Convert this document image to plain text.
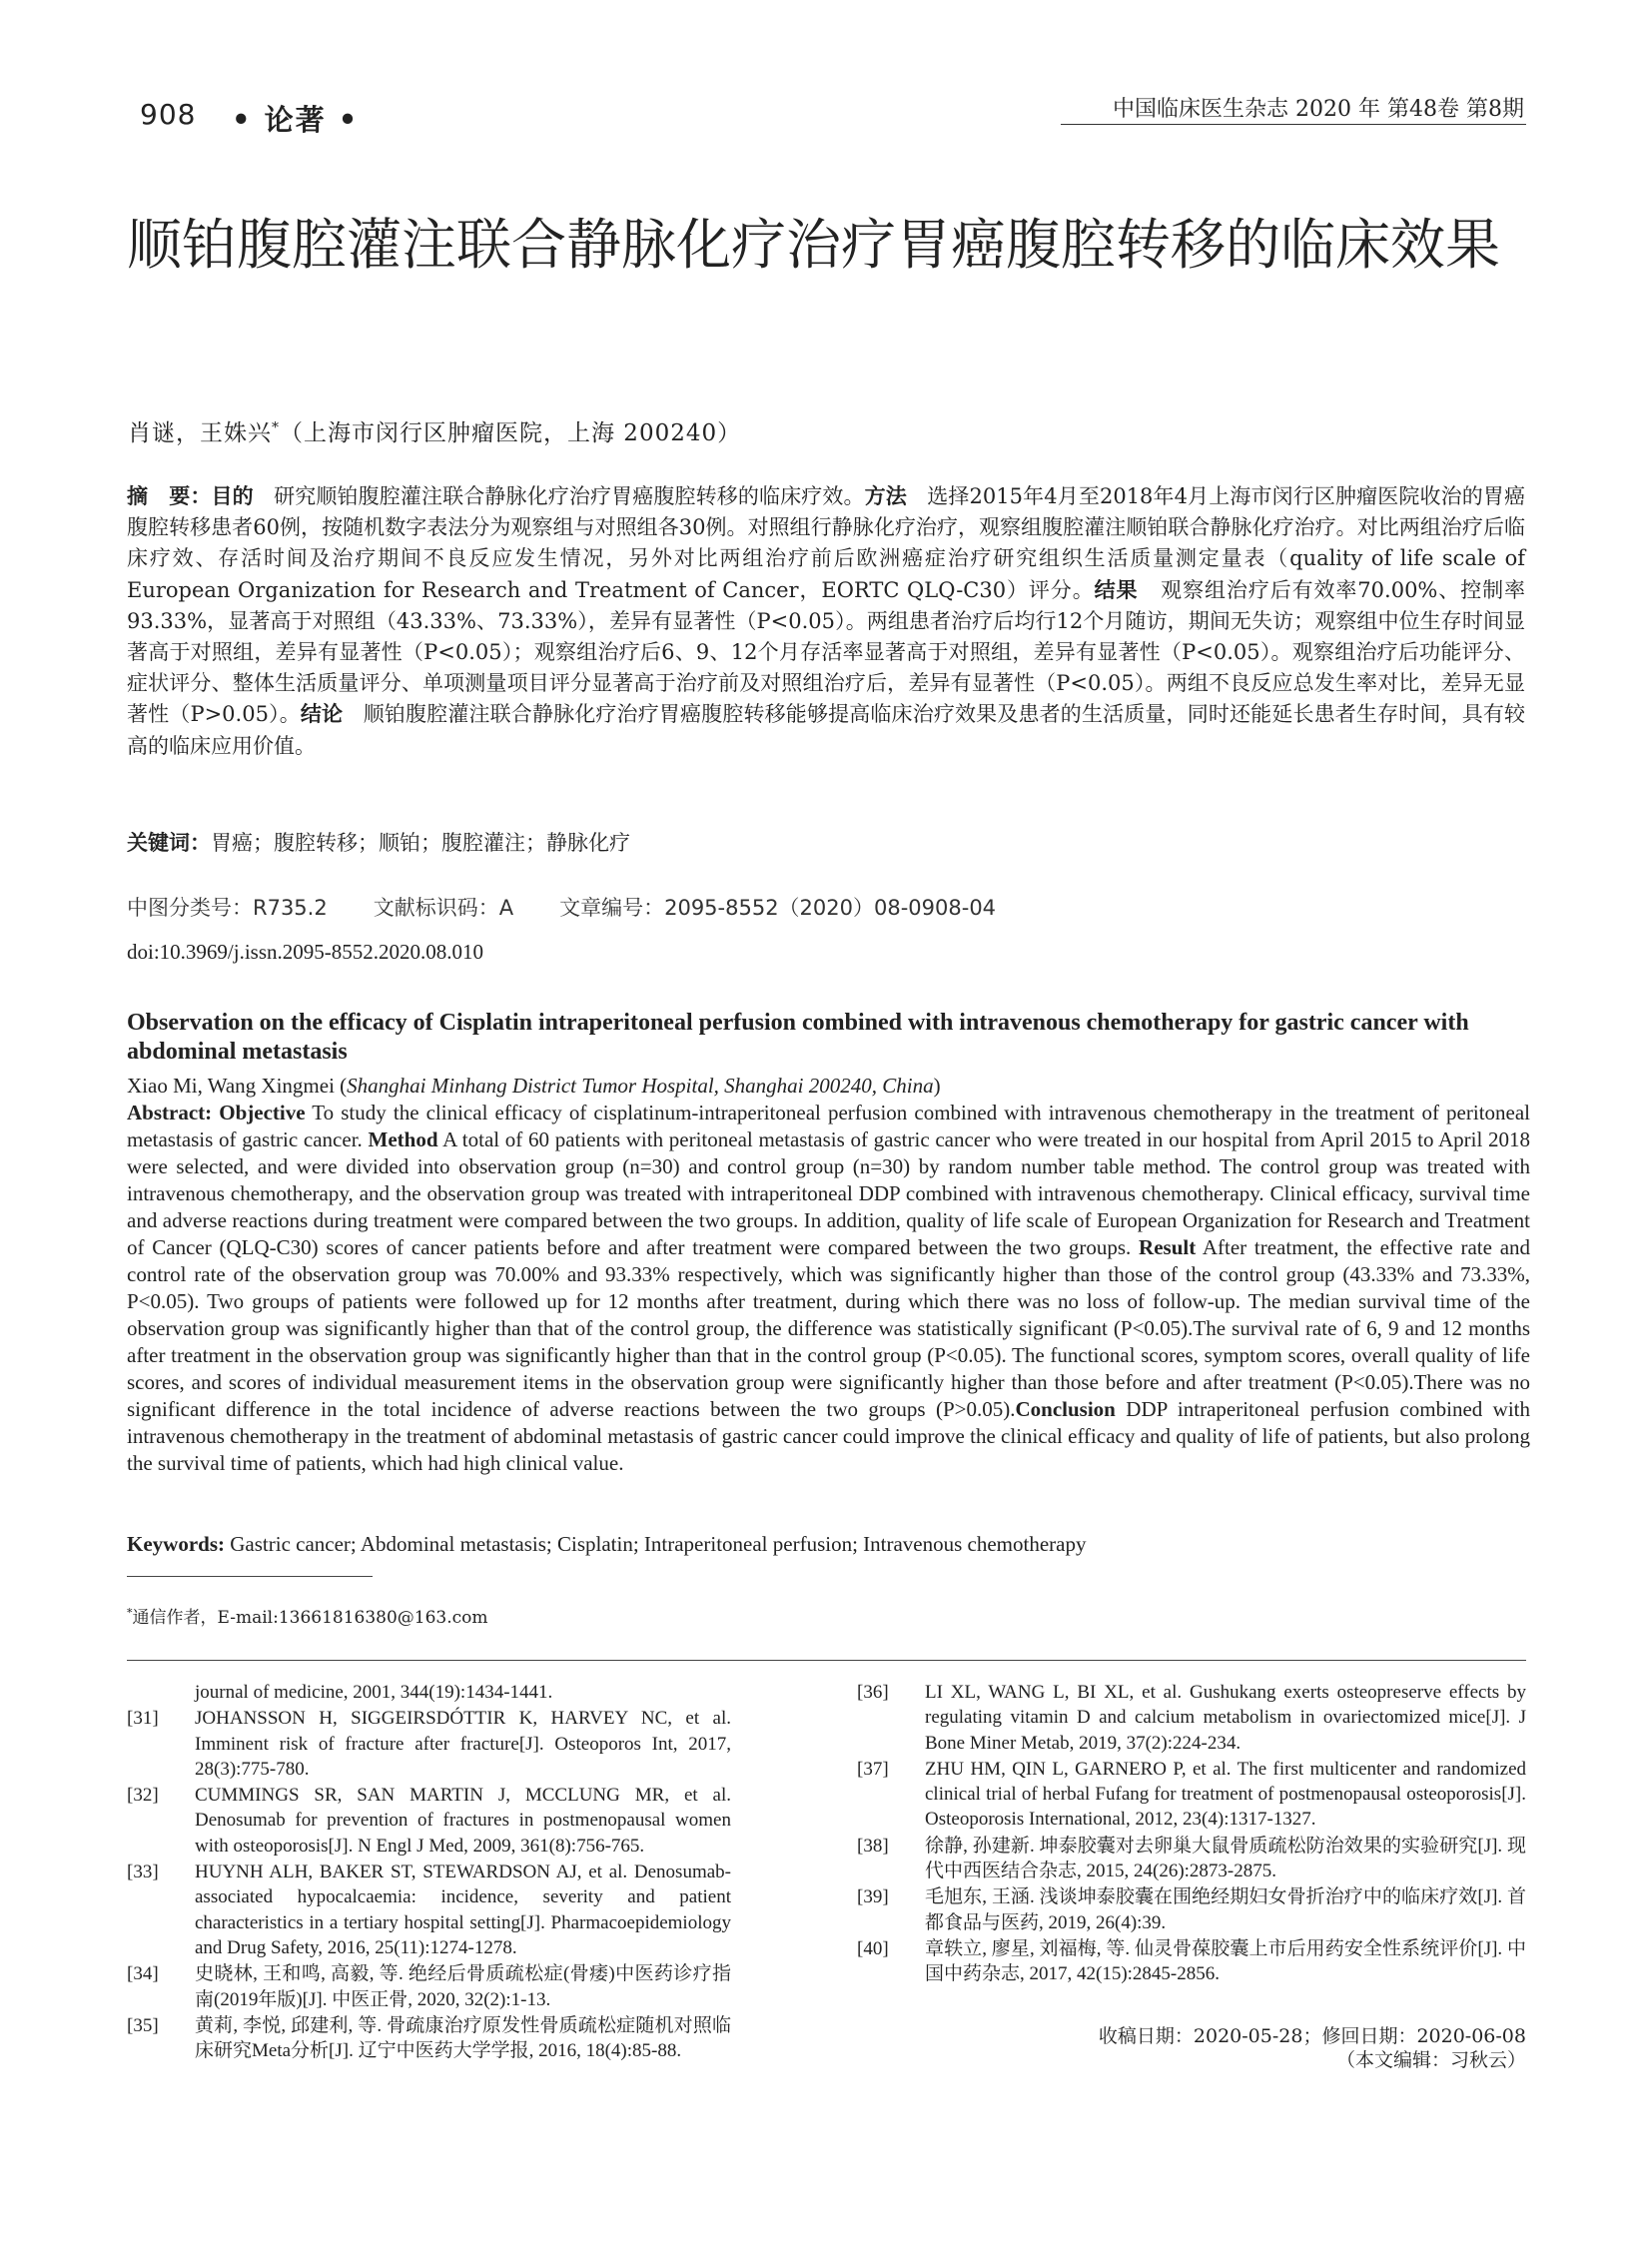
908 • 论著 •	中国临床医生杂志 2020 年 第48卷 第8期
顺铂腹腔灌注联合静脉化疗治疗胃癌腹腔转移的临床效果
肖谜，王姝兴*（上海市闵行区肿瘤医院，上海 200240）

摘　要：目的 研究顺铂腹腔灌注联合静脉化疗治疗胃癌腹腔转移的临床疗效。方法 选择2015年4月至2018年4月上海市闵行区肿瘤医院收治的胃癌腹腔转移患者60例，按随机数字表法分为观察组与对照组各30例。对照组行静脉化疗治疗，观察组腹腔灌注顺铂联合静脉化疗治疗。对比两组治疗后临床疗效、存活时间及治疗期间不良反应发生情况，另外对比两组治疗前后欧洲癌症治疗研究组织生活质量测定量表（quality of life scale of European Organization for Research and Treatment of Cancer，EORTC QLQ-C30）评分。结果 观察组治疗后有效率70.00%、控制率93.33%，显著高于对照组（43.33%、73.33%），差异有显著性（P<0.05）。两组患者治疗后均行12个月随访，期间无失访；观察组中位生存时间显著高于对照组，差异有显著性（P<0.05）；观察组治疗后6、9、12个月存活率显著高于对照组，差异有显著性（P<0.05）。观察组治疗后功能评分、症状评分、整体生活质量评分、单项测量项目评分显著高于治疗前及对照组治疗后，差异有显著性（P<0.05）。两组不良反应总发生率对比，差异无显著性（P>0.05）。结论 顺铂腹腔灌注联合静脉化疗治疗胃癌腹腔转移能够提高临床治疗效果及患者的生活质量，同时还能延长患者生存时间，具有较高的临床应用价值。

关键词：胃癌；腹腔转移；顺铂；腹腔灌注；静脉化疗
中图分类号：R735.2 文献标识码：A 文章编号：2095-8552（2020）08-0908-04
doi:10.3969/j.issn.2095-8552.2020.08.010
Observation on the efficacy of Cisplatin intraperitoneal perfusion combined with intravenous chemotherapy for gastric cancer with abdominal metastasis
Xiao Mi, Wang Xingmei (Shanghai Minhang District Tumor Hospital, Shanghai 200240, China)

Abstract: Objective To study the clinical efficacy of cisplatinum-intraperitoneal perfusion combined with intravenous chemotherapy in the treatment of peritoneal metastasis of gastric cancer. Method A total of 60 patients with peritoneal metastasis of gastric cancer who were treated in our hospital from April 2015 to April 2018 were selected, and were divided into observation group (n=30) and control group (n=30) by random number table method. The control group was treated with intravenous chemotherapy, and the observation group was treated with intraperitoneal DDP combined with intravenous chemotherapy. Clinical efficacy, survival time and adverse reactions during treatment were compared between the two groups. In addition, quality of life scale of European Organization for Research and Treatment of Cancer (QLQ-C30) scores of cancer patients before and after treatment were compared between the two groups. Result After treatment, the effective rate and control rate of the observation group was 70.00% and 93.33% respectively, which was significantly higher than those of the control group (43.33% and 73.33%, P<0.05). Two groups of patients were followed up for 12 months after treatment, during which there was no loss of follow-up. The median survival time of the observation group was significantly higher than that of the control group, the difference was statistically significant (P<0.05).The survival rate of 6, 9 and 12 months after treatment in the observation group was significantly higher than that in the control group (P<0.05). The functional scores, symptom scores, overall quality of life scores, and scores of individual measurement items in the observation group were significantly higher than those before and after treatment (P<0.05).There was no significant difference in the total incidence of adverse reactions between the two groups (P>0.05).Conclusion DDP intraperitoneal perfusion combined with intravenous chemotherapy in the treatment of abdominal metastasis of gastric cancer could improve the clinical efficacy and quality of life of patients, but also prolong the survival time of patients, which had high clinical value.

Keywords: Gastric cancer; Abdominal metastasis; Cisplatin; Intraperitoneal perfusion; Intravenous chemotherapy
*通信作者，E-mail:13661816380@163.com
journal of medicine, 2001, 344(19):1434-1441.
[31] JOHANSSON H, SIGGEIRSDÓTTIR K, HARVEY NC, et al. Imminent risk of fracture after fracture[J]. Osteoporos Int, 2017, 28(3):775-780.
[32] CUMMINGS SR, SAN MARTIN J, MCCLUNG MR, et al. Denosumab for prevention of fractures in postmenopausal women with osteoporosis[J]. N Engl J Med, 2009, 361(8):756-765.
[33] HUYNH ALH, BAKER ST, STEWARDSON AJ, et al. Denosumab-associated hypocalcaemia: incidence, severity and patient characteristics in a tertiary hospital setting[J]. Pharmacoepidemiology and Drug Safety, 2016, 25(11):1274-1278.
[34] 史晓林, 王和鸣, 高毅, 等. 绝经后骨质疏松症(骨痿)中医药诊疗指南(2019年版)[J]. 中医正骨, 2020, 32(2):1-13.
[35] 黄莉, 李悦, 邱建利, 等. 骨疏康治疗原发性骨质疏松症随机对照临床研究Meta分析[J]. 辽宁中医药大学学报, 2016, 18(4):85-88.
[36] LI XL, WANG L, BI XL, et al. Gushukang exerts osteopreserve effects by regulating vitamin D and calcium metabolism in ovariectomized mice[J]. J Bone Miner Metab, 2019, 37(2):224-234.
[37] ZHU HM, QIN L, GARNERO P, et al. The first multicenter and randomized clinical trial of herbal Fufang for treatment of postmenopausal osteoporosis[J]. Osteoporosis International, 2012, 23(4):1317-1327.
[38] 徐静, 孙建新. 坤泰胶囊对去卵巢大鼠骨质疏松防治效果的实验研究[J]. 现代中西医结合杂志, 2015, 24(26):2873-2875.
[39] 毛旭东, 王涵. 浅谈坤泰胶囊在围绝经期妇女骨折治疗中的临床疗效[J]. 首都食品与医药, 2019, 26(4):39.
[40] 章轶立, 廖星, 刘福梅, 等. 仙灵骨葆胶囊上市后用药安全性系统评价[J]. 中国中药杂志, 2017, 42(15):2845-2856.
收稿日期：2020-05-28；修回日期：2020-06-08
（本文编辑：习秋云）
